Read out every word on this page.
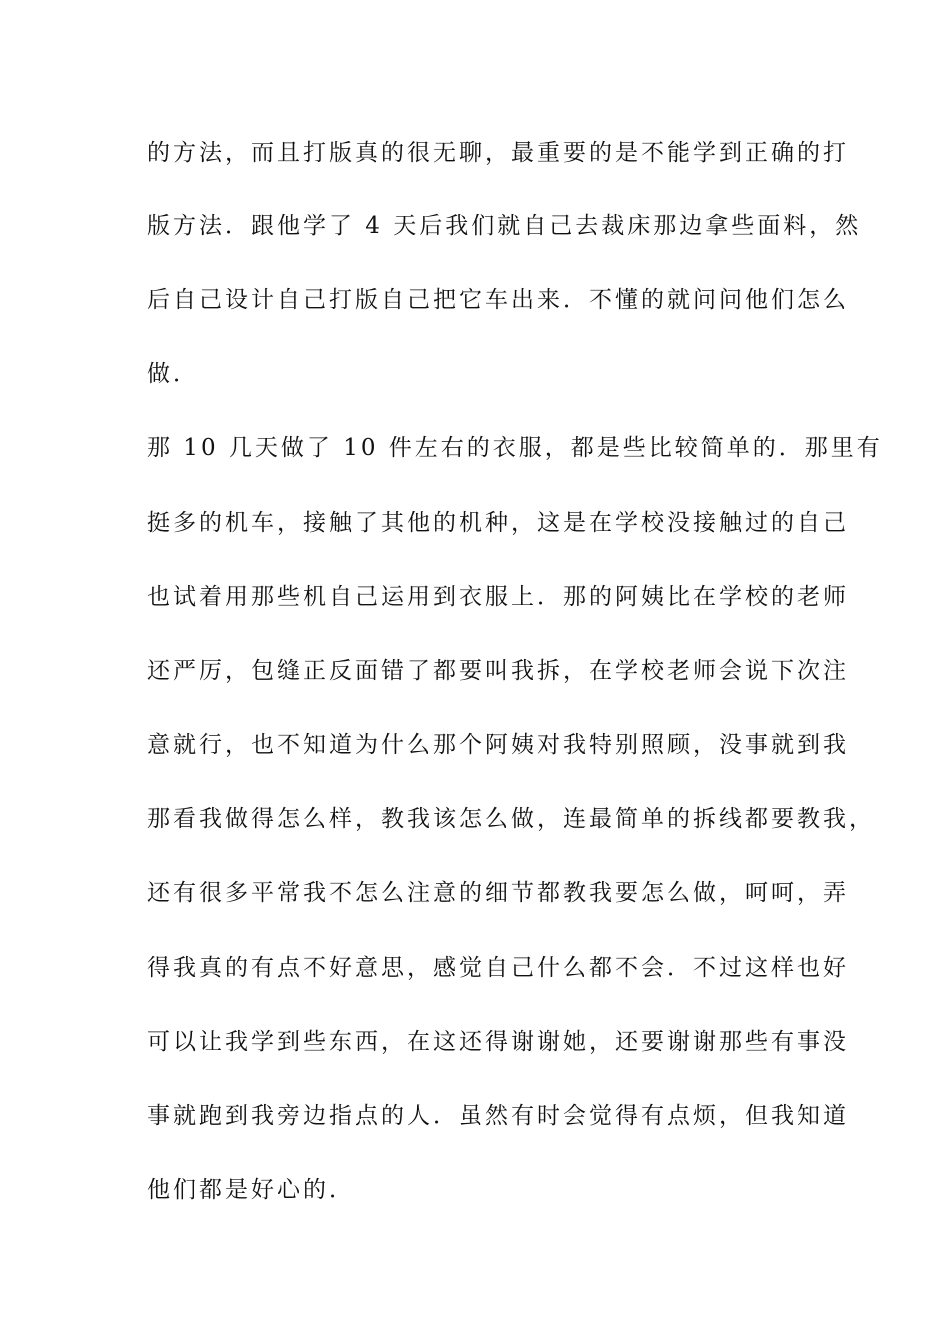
的方法，而且打版真的很无聊，最重要的是不能学到正确的打
版方法．跟他学了 4 天后我们就自己去裁床那边拿些面料，然
后自己设计自己打版自己把它车出来．不懂的就问问他们怎么
做．
那 10 几天做了 10 件左右的衣服，都是些比较简单的．那里有
挺多的机车，接触了其他的机种，这是在学校没接触过的自己
也试着用那些机自己运用到衣服上．那的阿姨比在学校的老师
还严厉，包缝正反面错了都要叫我拆，在学校老师会说下次注
意就行，也不知道为什么那个阿姨对我特别照顾，没事就到我
那看我做得怎么样，教我该怎么做，连最简单的拆线都要教我，
还有很多平常我不怎么注意的细节都教我要怎么做，呵呵，弄
得我真的有点不好意思，感觉自己什么都不会．不过这样也好
可以让我学到些东西，在这还得谢谢她，还要谢谢那些有事没
事就跑到我旁边指点的人．虽然有时会觉得有点烦，但我知道
他们都是好心的．
